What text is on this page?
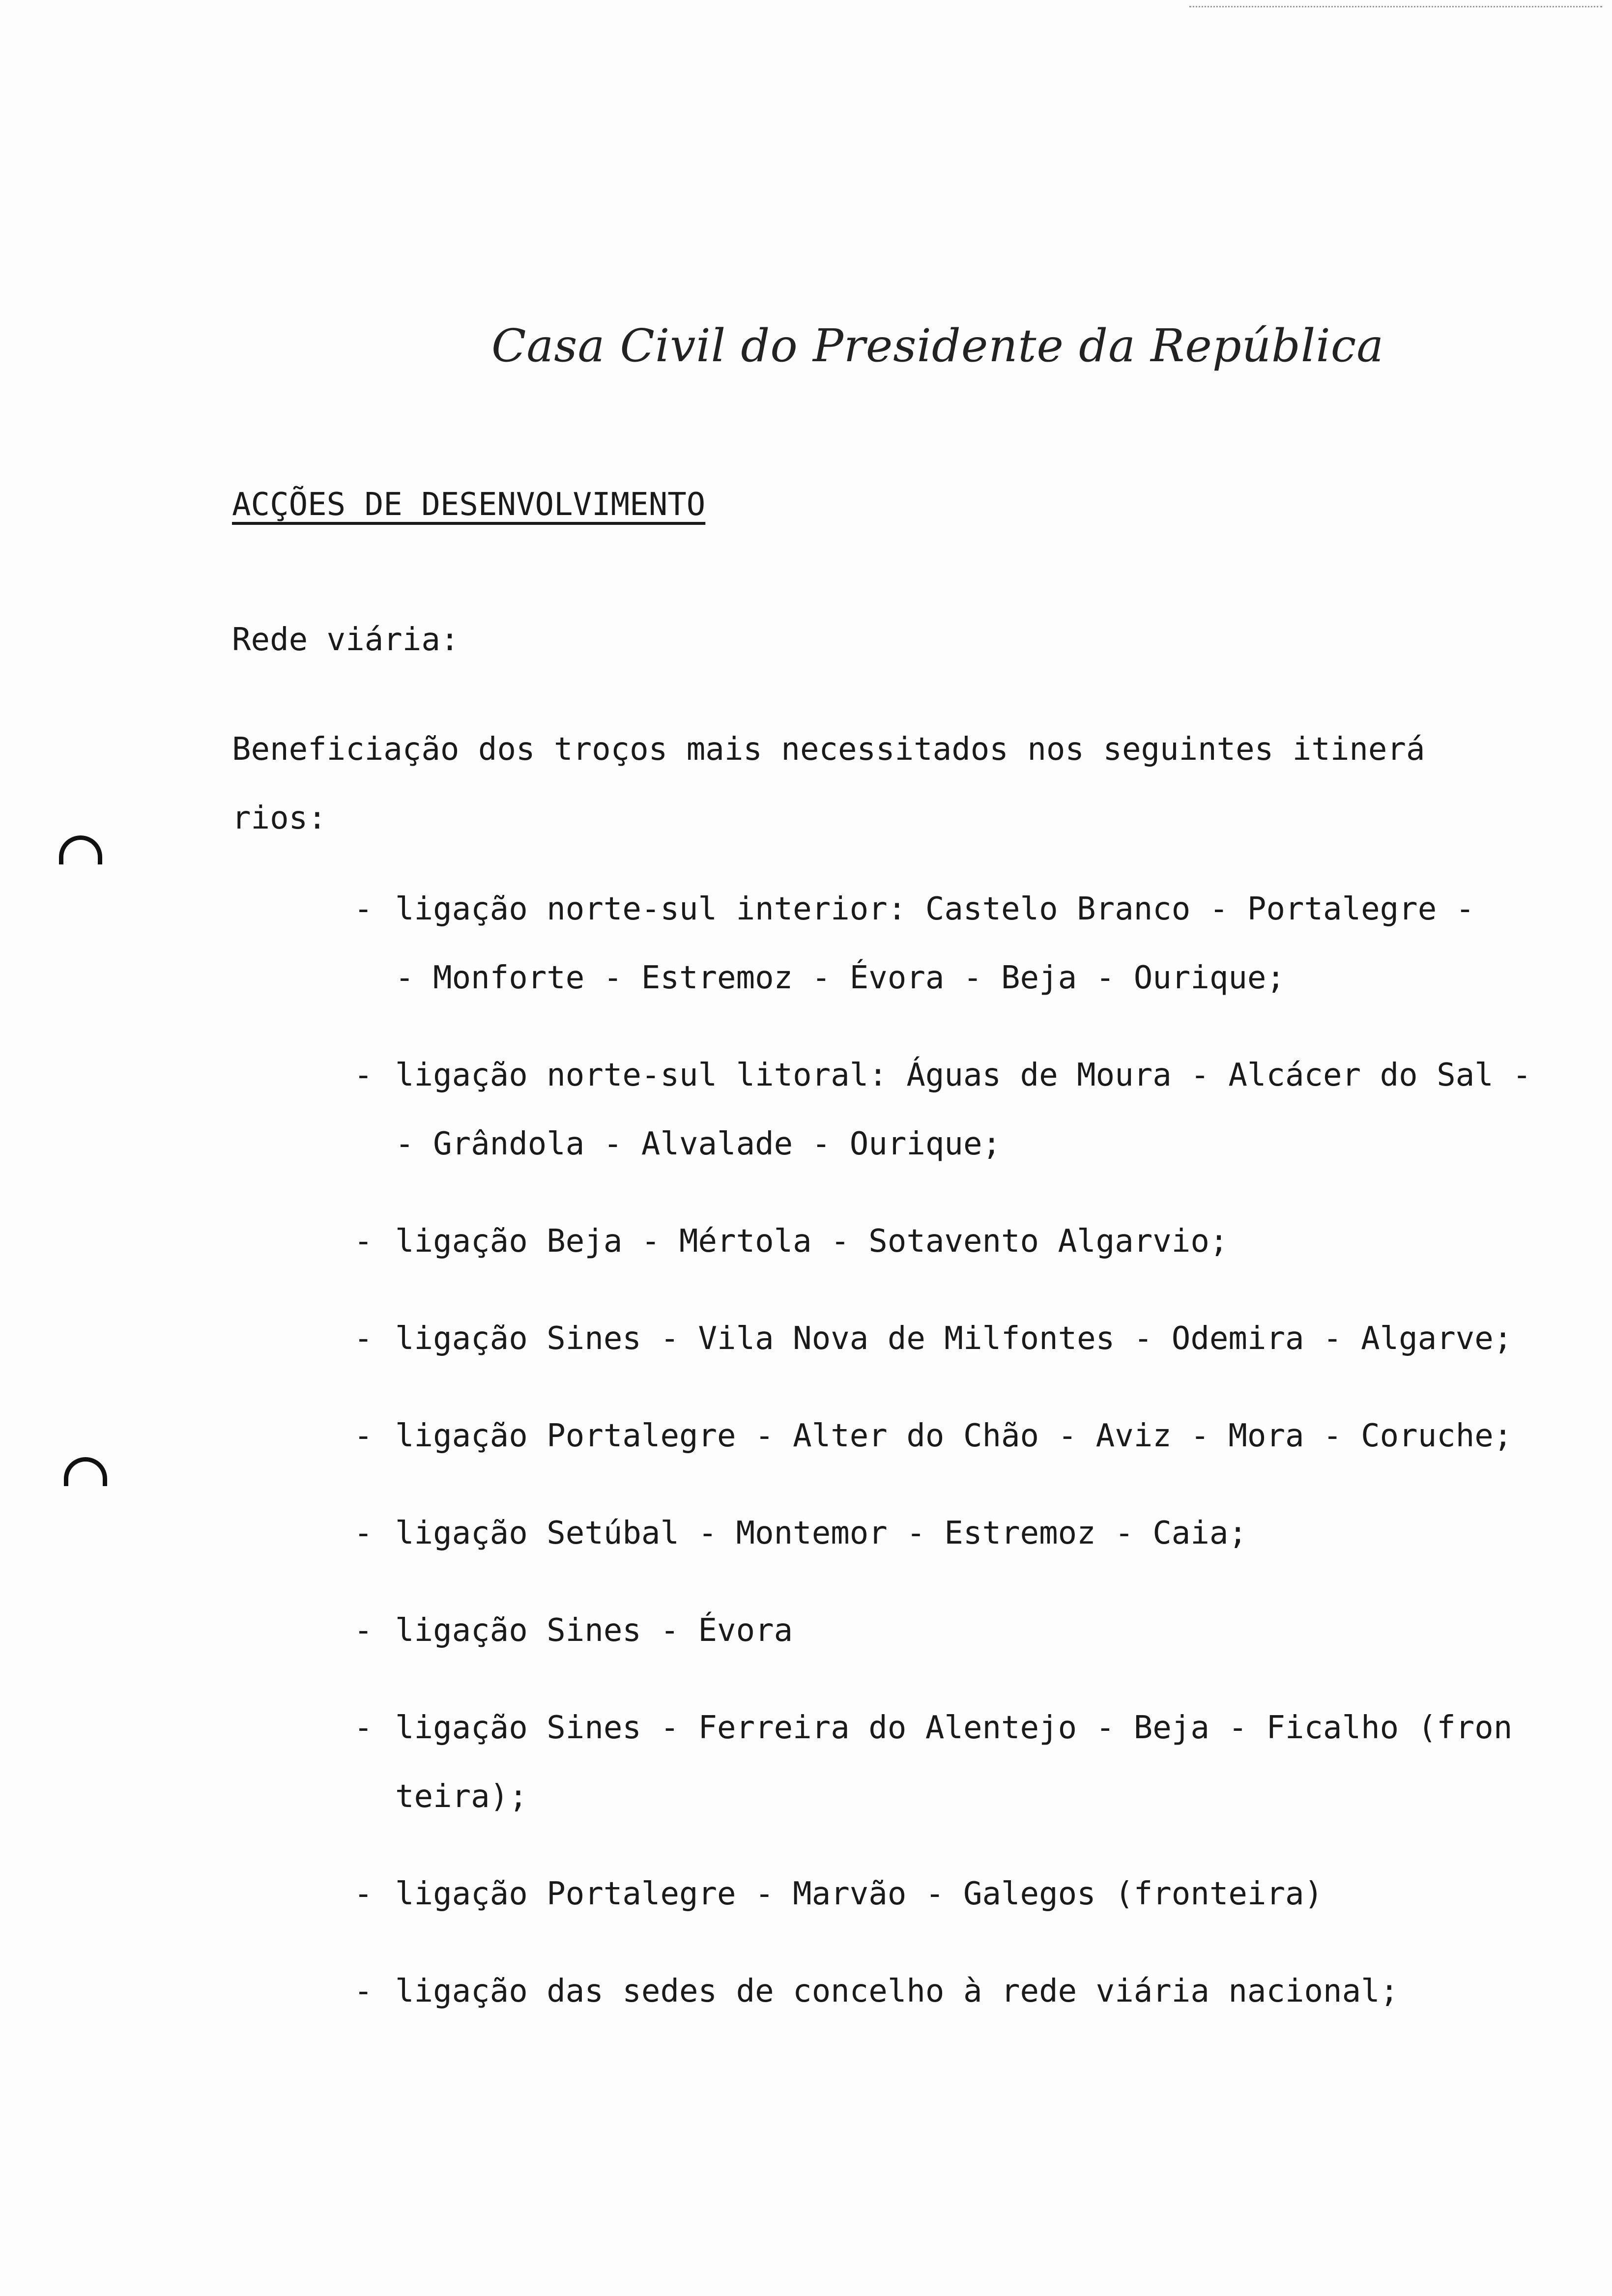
Casa Civil do Presidente da República
ACÇÕES DE DESENVOLVIMENTO
Rede viária:
Beneficiação dos troços mais necessitados nos seguintes itinerá
rios:
- ligação norte-sul interior: Castelo Branco - Portalegre -
- Monforte - Estremoz - Évora - Beja - Ourique;
- ligação norte-sul litoral: Águas de Moura - Alcácer do Sal -
- Grândola - Alvalade - Ourique;
- ligação Beja - Mértola - Sotavento Algarvio;
- ligação Sines - Vila Nova de Milfontes - Odemira - Algarve;
- ligação Portalegre - Alter do Chão - Aviz - Mora - Coruche;
- ligação Setúbal - Montemor - Estremoz - Caia;
- ligação Sines - Évora
- ligação Sines - Ferreira do Alentejo - Beja - Ficalho (fron
teira);
- ligação Portalegre - Marvão - Galegos (fronteira)
- ligação das sedes de concelho à rede viária nacional;
